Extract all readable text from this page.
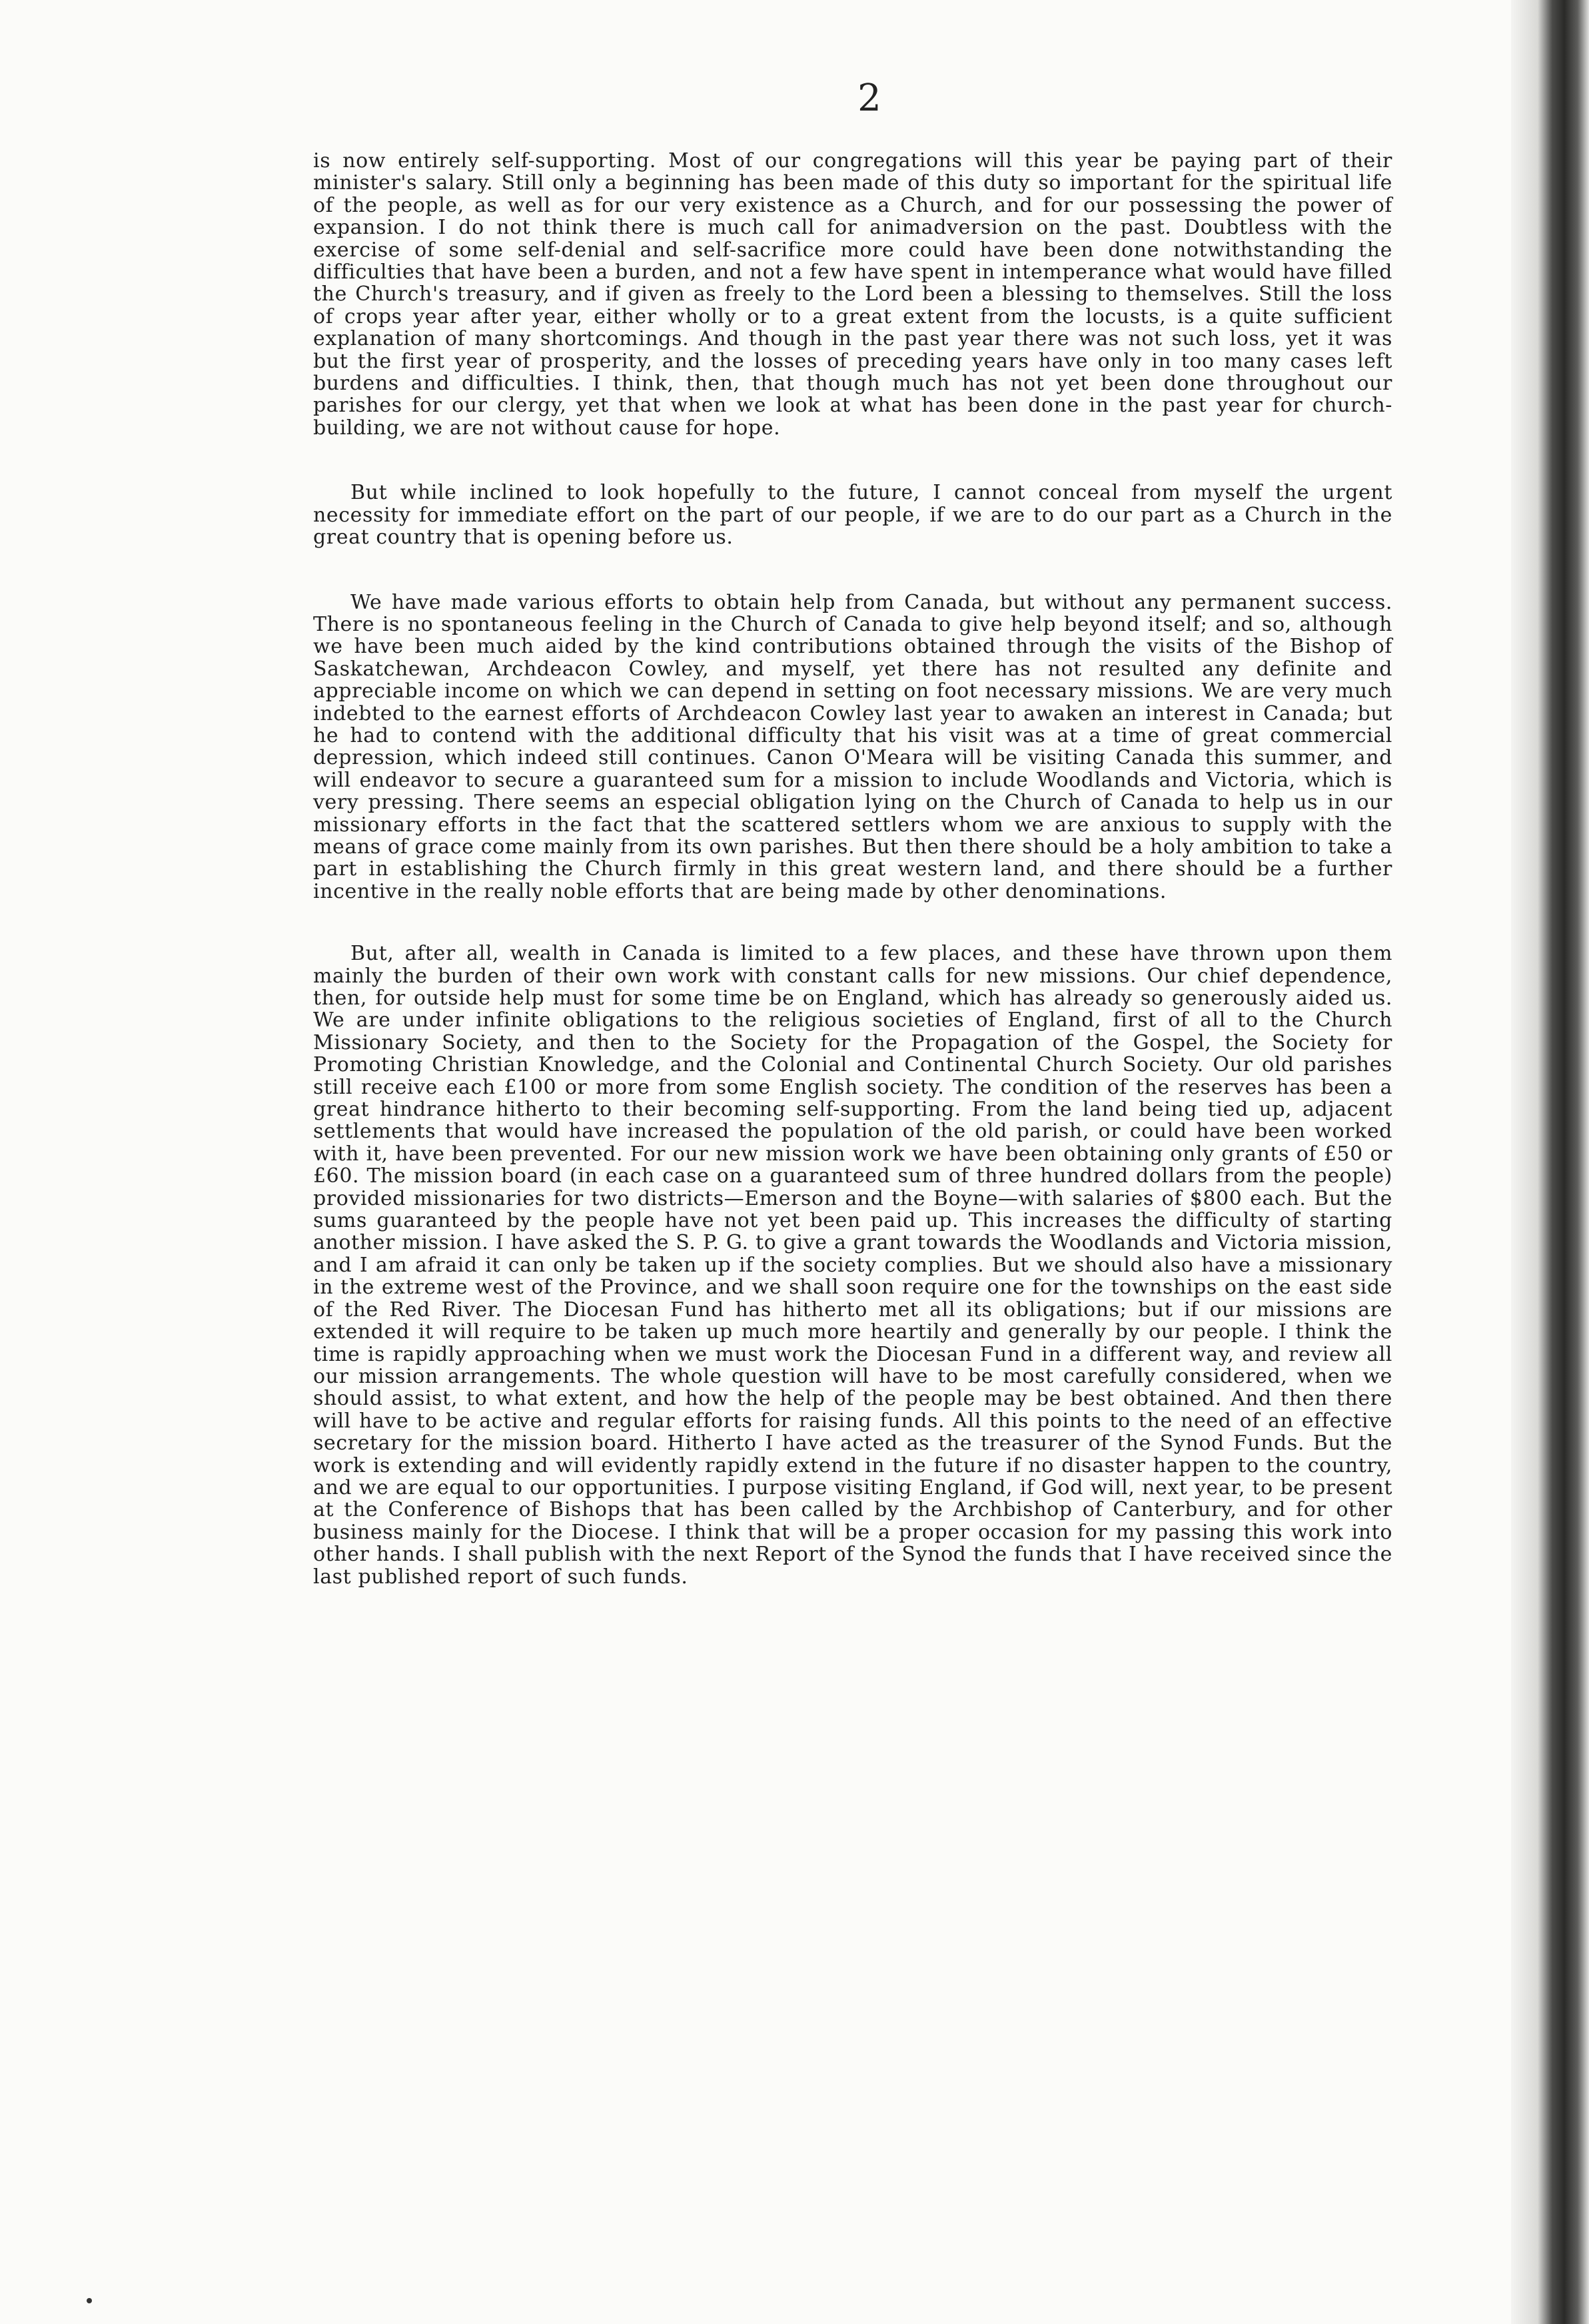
2

is now entirely self-supporting. Most of our congregations will this year be paying part of their minister's salary. Still only a beginning has been made of this duty so important for the spiritual life of the people, as well as for our very existence as a Church, and for our possessing the power of expansion. I do not think there is much call for animadversion on the past. Doubtless with the exercise of some self-denial and self-sacrifice more could have been done notwithstanding the difficulties that have been a burden, and not a few have spent in intemperance what would have filled the Church's treasury, and if given as freely to the Lord been a blessing to themselves. Still the loss of crops year after year, either wholly or to a great extent from the locusts, is a quite sufficient explanation of many shortcomings. And though in the past year there was not such loss, yet it was but the first year of prosperity, and the losses of preceding years have only in too many cases left burdens and difficulties. I think, then, that though much has not yet been done throughout our parishes for our clergy, yet that when we look at what has been done in the past year for church-building, we are not without cause for hope.

But while inclined to look hopefully to the future, I cannot conceal from myself the urgent necessity for immediate effort on the part of our people, if we are to do our part as a Church in the great country that is opening before us.

We have made various efforts to obtain help from Canada, but without any permanent success. There is no spontaneous feeling in the Church of Canada to give help beyond itself; and so, although we have been much aided by the kind contributions obtained through the visits of the Bishop of Saskatchewan, Archdeacon Cowley, and myself, yet there has not resulted any definite and appreciable income on which we can depend in setting on foot necessary missions. We are very much indebted to the earnest efforts of Archdeacon Cowley last year to awaken an interest in Canada; but he had to contend with the additional difficulty that his visit was at a time of great commercial depression, which indeed still continues. Canon O'Meara will be visiting Canada this summer, and will endeavor to secure a guaranteed sum for a mission to include Woodlands and Victoria, which is very pressing. There seems an especial obligation lying on the Church of Canada to help us in our missionary efforts in the fact that the scattered settlers whom we are anxious to supply with the means of grace come mainly from its own parishes. But then there should be a holy ambition to take a part in establishing the Church firmly in this great western land, and there should be a further incentive in the really noble efforts that are being made by other denominations.

But, after all, wealth in Canada is limited to a few places, and these have thrown upon them mainly the burden of their own work with constant calls for new missions. Our chief dependence, then, for outside help must for some time be on England, which has already so generously aided us. We are under infinite obligations to the religious societies of England, first of all to the Church Missionary Society, and then to the Society for the Propagation of the Gospel, the Society for Promoting Christian Knowledge, and the Colonial and Continental Church Society. Our old parishes still receive each £100 or more from some English society. The condition of the reserves has been a great hindrance hitherto to their becoming self-supporting. From the land being tied up, adjacent settlements that would have increased the population of the old parish, or could have been worked with it, have been prevented. For our new mission work we have been obtaining only grants of £50 or £60. The mission board (in each case on a guaranteed sum of three hundred dollars from the people) provided missionaries for two districts—Emerson and the Boyne—with salaries of $800 each. But the sums guaranteed by the people have not yet been paid up. This increases the difficulty of starting another mission. I have asked the S. P. G. to give a grant towards the Woodlands and Victoria mission, and I am afraid it can only be taken up if the society complies. But we should also have a missionary in the extreme west of the Province, and we shall soon require one for the townships on the east side of the Red River. The Diocesan Fund has hitherto met all its obligations; but if our missions are extended it will require to be taken up much more heartily and generally by our people. I think the time is rapidly approaching when we must work the Diocesan Fund in a different way, and review all our mission arrangements. The whole question will have to be most carefully considered, when we should assist, to what extent, and how the help of the people may be best obtained. And then there will have to be active and regular efforts for raising funds. All this points to the need of an effective secretary for the mission board. Hitherto I have acted as the treasurer of the Synod Funds. But the work is extending and will evidently rapidly extend in the future if no disaster happen to the country, and we are equal to our opportunities. I purpose visiting England, if God will, next year, to be present at the Conference of Bishops that has been called by the Archbishop of Canterbury, and for other business mainly for the Diocese. I think that will be a proper occasion for my passing this work into other hands. I shall publish with the next Report of the Synod the funds that I have received since the last published report of such funds.
